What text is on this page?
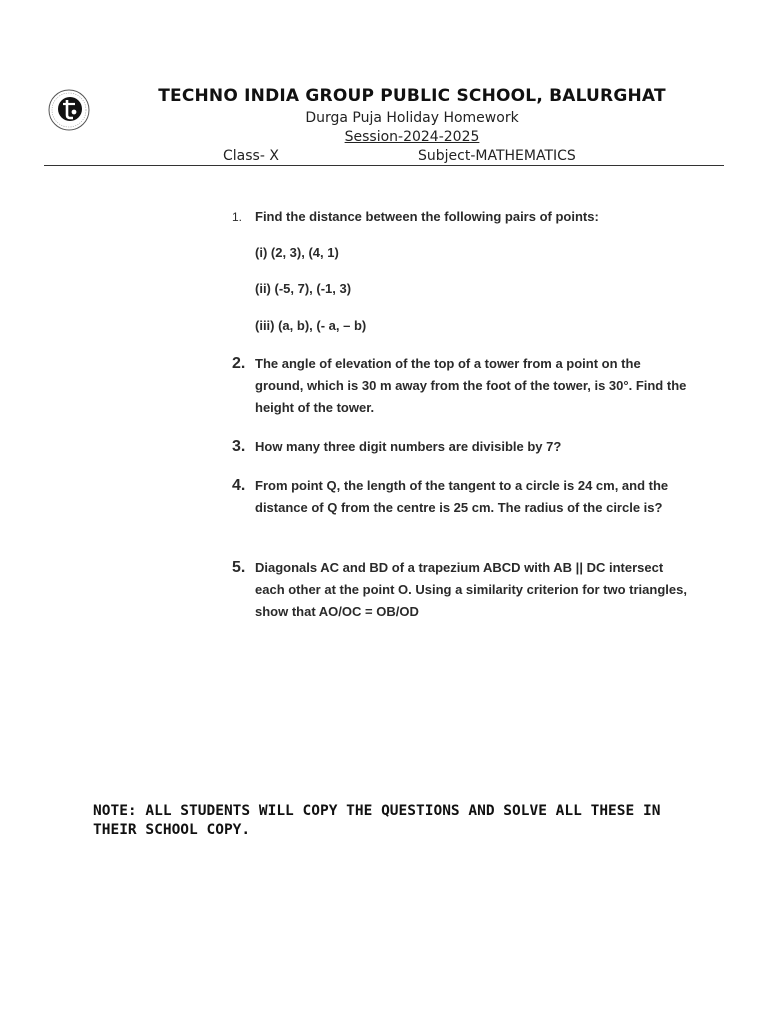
TECHNO INDIA GROUP PUBLIC SCHOOL, BALURGHAT
Durga Puja Holiday Homework
Session-2024-2025
Class- X	Subject-MATHEMATICS
1. Find the distance between the following pairs of points:
(i) (2, 3), (4, 1)
(ii) (-5, 7), (-1, 3)
(iii) (a, b), (- a, – b)
2. The angle of elevation of the top of a tower from a point on the ground, which is 30 m away from the foot of the tower, is 30°. Find the height of the tower.
3. How many three digit numbers are divisible by 7?
4. From point Q, the length of the tangent to a circle is 24 cm, and the distance of Q from the centre is 25 cm. The radius of the circle is?
5. Diagonals AC and BD of a trapezium ABCD with AB || DC intersect each other at the point O. Using a similarity criterion for two triangles, show that AO/OC = OB/OD
NOTE: ALL STUDENTS WILL COPY THE QUESTIONS AND SOLVE ALL THESE IN THEIR SCHOOL COPY.
